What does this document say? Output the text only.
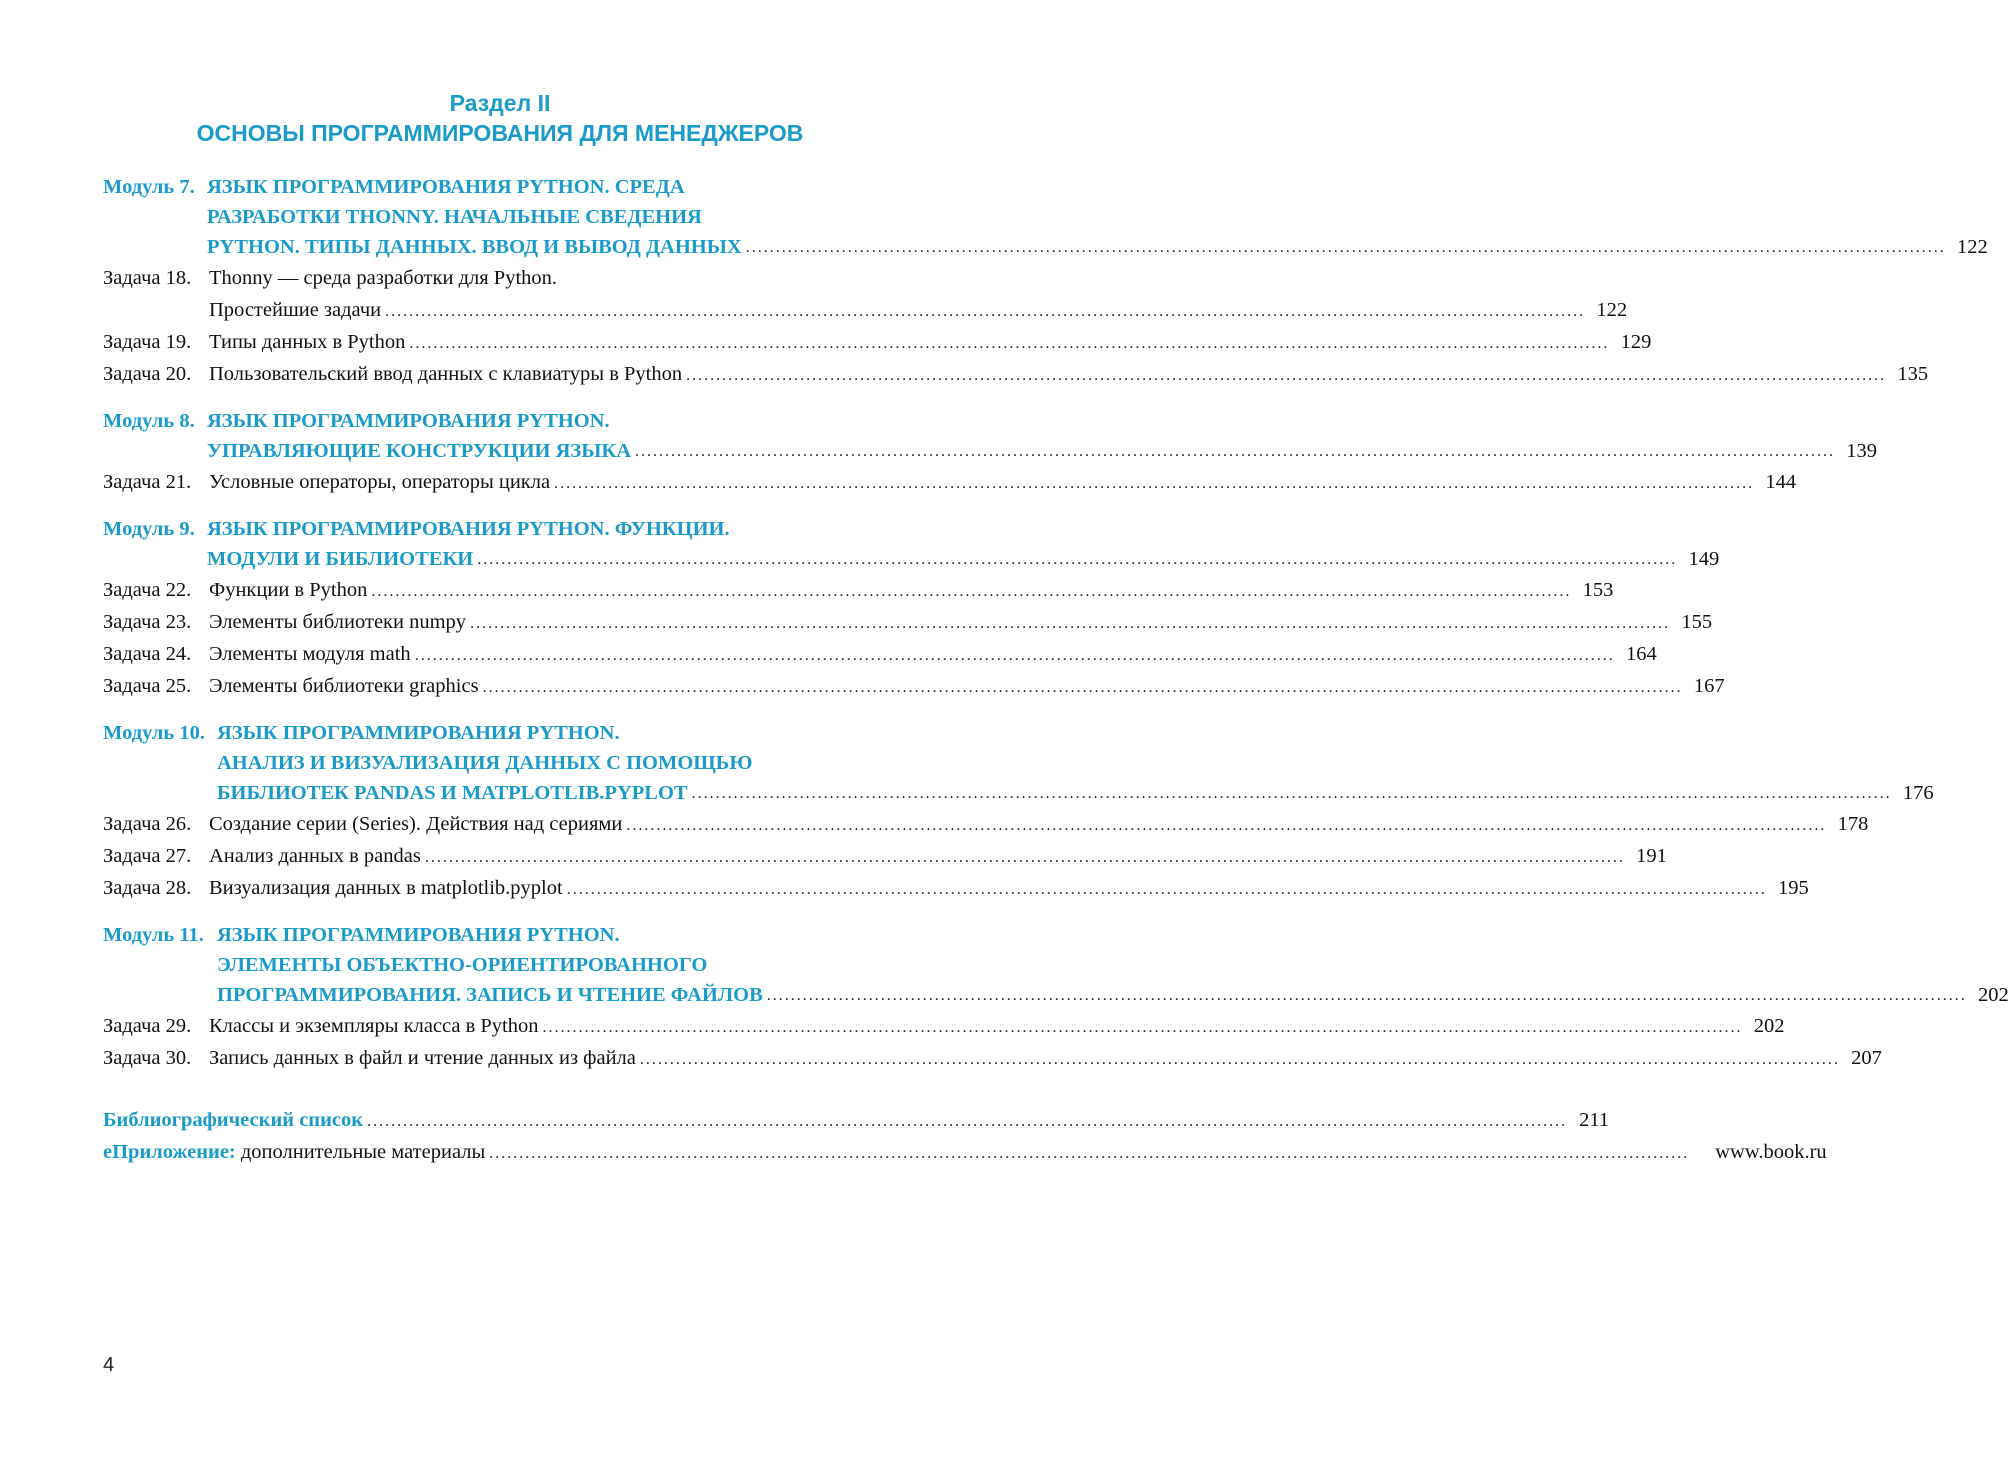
Раздел II
ОСНОВЫ ПРОГРАММИРОВАНИЯ ДЛЯ МЕНЕДЖЕРОВ
Модуль 7. ЯЗЫК ПРОГРАММИРОВАНИЯ PYTHON. СРЕДА
РАЗРАБОТКИ THONNY. НАЧАЛЬНЫЕ СВЕДЕНИЯ
PYTHON. ТИПЫ ДАННЫХ. ВВОД И ВЫВОД ДАННЫХ ........................................................................................................................................................................................................ 122
Задача 18. Thonny — среда разработки для Python.
Простейшие задачи ........................................................................................................................................................................................................ 122
Задача 19. Типы данных в Python ........................................................................................................................................................................................................ 129
Задача 20. Пользовательский ввод данных с клавиатуры в Python ........................................................................................................................................................................................................ 135
Модуль 8. ЯЗЫК ПРОГРАММИРОВАНИЯ PYTHON.
УПРАВЛЯЮЩИЕ КОНСТРУКЦИИ ЯЗЫКА ........................................................................................................................................................................................................ 139
Задача 21. Условные операторы, операторы цикла ........................................................................................................................................................................................................ 144
Модуль 9. ЯЗЫК ПРОГРАММИРОВАНИЯ PYTHON. ФУНКЦИИ.
МОДУЛИ И БИБЛИОТЕКИ ........................................................................................................................................................................................................ 149
Задача 22. Функции в Python ........................................................................................................................................................................................................ 153
Задача 23. Элементы библиотеки numpy ........................................................................................................................................................................................................ 155
Задача 24. Элементы модуля math ........................................................................................................................................................................................................ 164
Задача 25. Элементы библиотеки graphics ........................................................................................................................................................................................................ 167
Модуль 10. ЯЗЫК ПРОГРАММИРОВАНИЯ PYTHON.
АНАЛИЗ И ВИЗУАЛИЗАЦИЯ ДАННЫХ С ПОМОЩЬЮ
БИБЛИОТЕК PANDAS И MATPLOTLIB.PYPLOT ........................................................................................................................................................................................................ 176
Задача 26. Создание серии (Series). Действия над сериями ........................................................................................................................................................................................................ 178
Задача 27. Анализ данных в pandas ........................................................................................................................................................................................................ 191
Задача 28. Визуализация данных в matplotlib.pyplot ........................................................................................................................................................................................................ 195
Модуль 11. ЯЗЫК ПРОГРАММИРОВАНИЯ PYTHON.
ЭЛЕМЕНТЫ ОБЪЕКТНО-ОРИЕНТИРОВАННОГО
ПРОГРАММИРОВАНИЯ. ЗАПИСЬ И ЧТЕНИЕ ФАЙЛОВ ........................................................................................................................................................................................................ 202
Задача 29. Классы и экземпляры класса в Python ........................................................................................................................................................................................................ 202
Задача 30. Запись данных в файл и чтение данных из файла ........................................................................................................................................................................................................ 207
Библиографический список ........................................................................................................................................................................................................ 211
еПриложение: дополнительные материалы ........................................................................................................................................................................................................ www.book.ru
4
